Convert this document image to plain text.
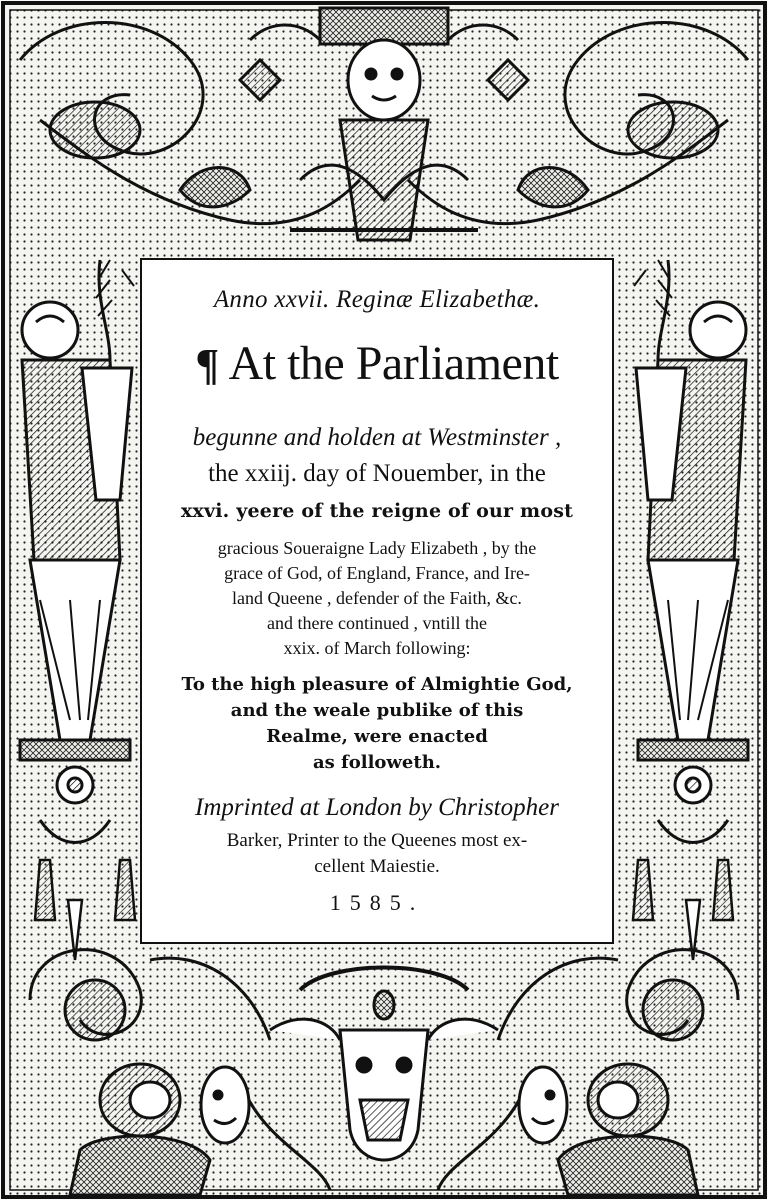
Anno xxvii. Reginæ Elizabethæ.
¶ At the Parliament
begunne and holden at Westminster ,
the xxiij. day of Nouember, in the
xxvi. yeere of the reigne of our most
gracious Soueraigne Lady Elizabeth , by the
grace of God, of England, France, and Ire-
land Queene , defender of the Faith, &c.
and there continued , vntill the
xxix. of March following:
To the high pleasure of Almightie God,
and the weale publike of this
Realme, were enacted
as followeth.
Imprinted at London by Christopher
Barker, Printer to the Queenes most ex-
cellent Maiestie.
1585.
